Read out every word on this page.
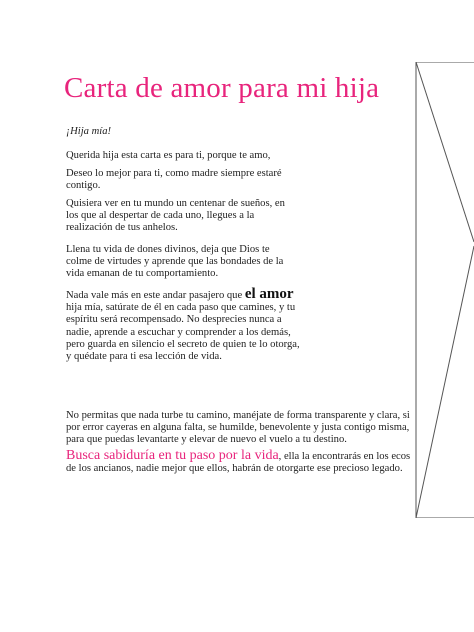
Carta de amor para mi hija

¡Hija mía!

Querida hija esta carta es para ti, porque te amo,

Deseo lo mejor para ti, como madre siempre estaré contigo.

Quisiera ver en tu mundo un centenar de sueños, en los que al despertar de cada uno, llegues a la realización de tus anhelos.

Llena tu vida de dones divinos, deja que Dios te colme de virtudes y aprende que las bondades de la vida emanan de tu comportamiento.

Nada vale más en este andar pasajero que el amor hija mía, satúrate de él en cada paso que camines, y tu espíritu será recompensado. No desprecies nunca a nadie, aprende a escuchar y comprender a los demás, pero guarda en silencio el secreto de quien te lo otorga, y quédate para ti esa lección de vida.

No permitas que nada turbe tu camino, manéjate de forma transparente y clara, si por error cayeras en alguna falta, se humilde, benevolente y justa contigo misma, para que puedas levantarte y elevar de nuevo el vuelo a tu destino.

Busca sabiduría en tu paso por la vida, ella la encontrarás en los ecos de los ancianos, nadie mejor que ellos, habrán de otorgarte ese precioso legado.
